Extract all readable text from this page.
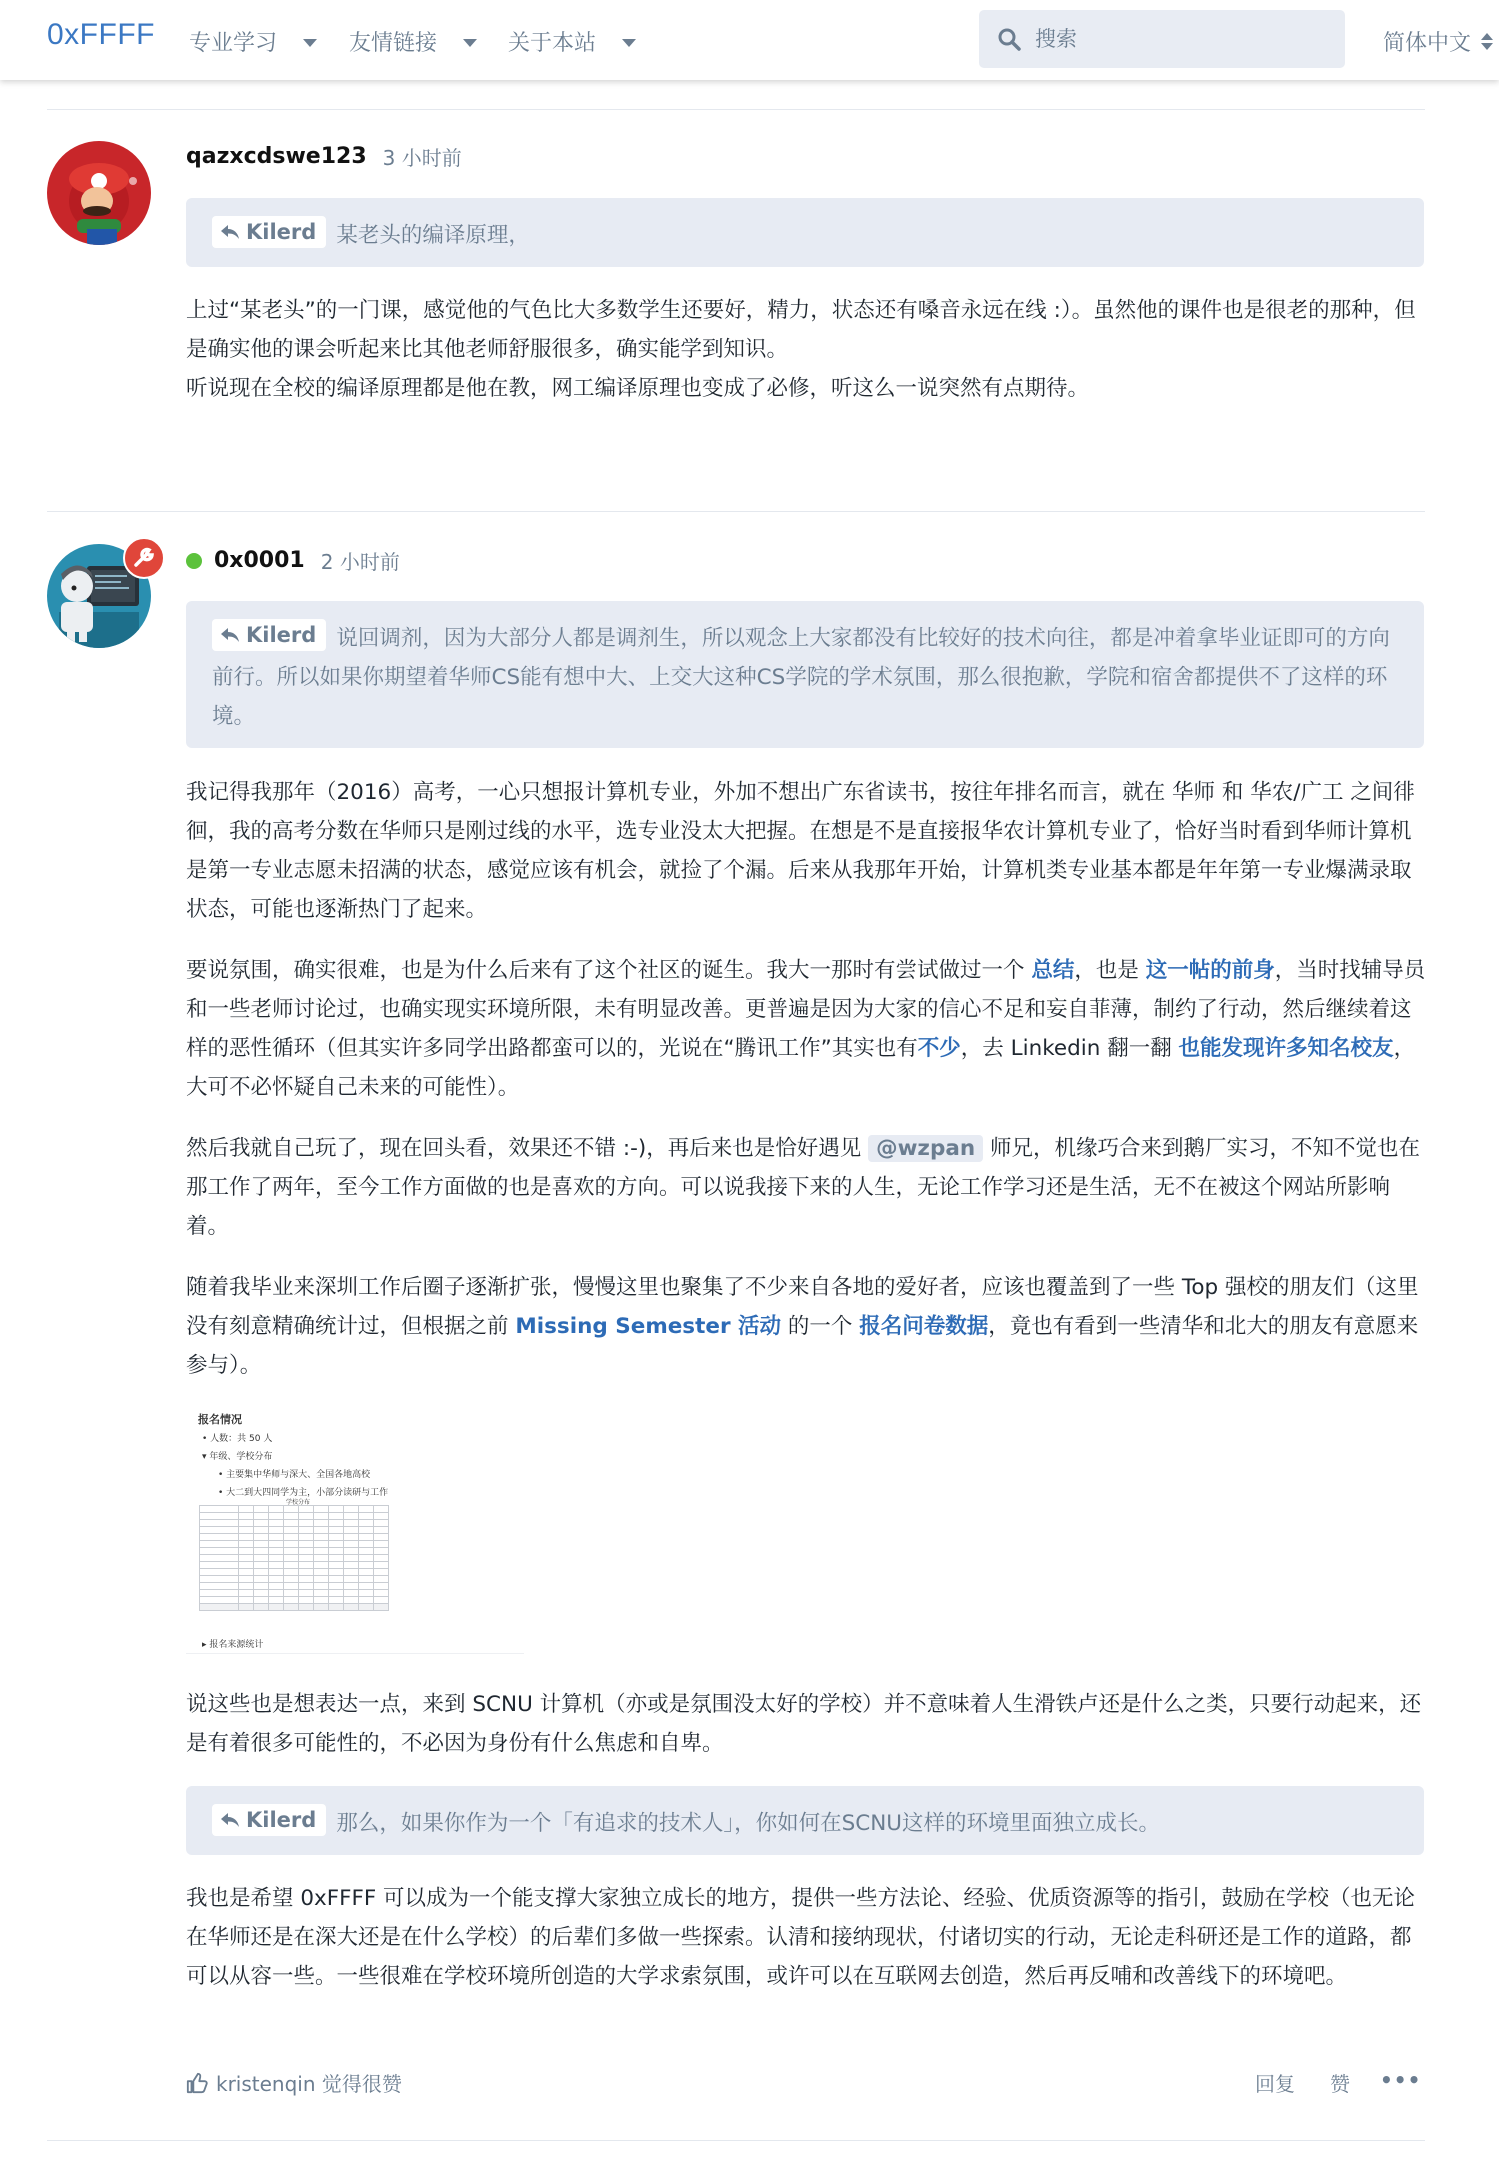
0xFFFF 专业学习	友情链接	关于本站
搜索	简体中文
qazxcdswe123 3 小时前
Kilerd 某老头的编译原理，

上过“某老头”的一门课，感觉他的气色比大多数学生还要好，精力，状态还有嗓音永远在线 :）。虽然他的课件也是很老的那种，但是确实他的课会听起来比其他老师舒服很多，确实能学到知识。

听说现在全校的编译原理都是他在教，网工编译原理也变成了必修，听这么一说突然有点期待。

0x0001 2 小时前
Kilerd 说回调剂，因为大部分人都是调剂生，所以观念上大家都没有比较好的技术向往，都是冲着拿毕业证即可的方向前行。所以如果你期望着华师CS能有想中大、上交大这种CS学院的学术氛围，那么很抱歉，学院和宿舍都提供不了这样的环境。

我记得我那年（2016）高考，一心只想报计算机专业，外加不想出广东省读书，按往年排名而言，就在 华师 和 华农/广工 之间徘徊，我的高考分数在华师只是刚过线的水平，选专业没太大把握。在想是不是直接报华农计算机专业了，恰好当时看到华师计算机是第一专业志愿未招满的状态，感觉应该有机会，就捡了个漏。后来从我那年开始，计算机类专业基本都是年年第一专业爆满录取状态，可能也逐渐热门了起来。

要说氛围，确实很难，也是为什么后来有了这个社区的诞生。我大一那时有尝试做过一个 总结，也是 这一帖的前身，当时找辅导员和一些老师讨论过，也确实现实环境所限，未有明显改善。更普遍是因为大家的信心不足和妄自菲薄，制约了行动，然后继续着这样的恶性循环（但其实许多同学出路都蛮可以的，光说在“腾讯工作”其实也有不少，去 Linkedin 翻一翻 也能发现许多知名校友，大可不必怀疑自己未来的可能性）。

然后我就自己玩了，现在回头看，效果还不错 :-)，再后来也是恰好遇见 @wzpan 师兄，机缘巧合来到鹅厂实习，不知不觉也在那工作了两年，至今工作方面做的也是喜欢的方向。可以说我接下来的人生，无论工作学习还是生活，无不在被这个网站所影响着。

随着我毕业来深圳工作后圈子逐渐扩张，慢慢这里也聚集了不少来自各地的爱好者，应该也覆盖到了一些 Top 强校的朋友们（这里没有刻意精确统计过，但根据之前 Missing Semester 活动 的一个 报名问卷数据，竟也有看到一些清华和北大的朋友有意愿来参与）。

报名情况
• 人数：共 50 人
▾ 年级、学校分布
• 主要集中华师与深大、全国各地高校
• 大二到大四同学为主，小部分读研与工作
学校分布

▸ 报名来源统计

说这些也是想表达一点，来到 SCNU 计算机（亦或是氛围没太好的学校）并不意味着人生滑铁卢还是什么之类，只要行动起来，还是有着很多可能性的，不必因为身份有什么焦虑和自卑。

Kilerd 那么，如果你作为一个「有追求的技术人」，你如何在SCNU这样的环境里面独立成长。

我也是希望 0xFFFF 可以成为一个能支撑大家独立成长的地方，提供一些方法论、经验、优质资源等的指引，鼓励在学校（也无论在华师还是在深大还是在什么学校）的后辈们多做一些探索。认清和接纳现状，付诸切实的行动，无论走科研还是工作的道路，都可以从容一些。一些很难在学校环境所创造的大学求索氛围，或许可以在互联网去创造，然后再反哺和改善线下的环境吧。

kristenqin 觉得很赞	回复 赞 •••
